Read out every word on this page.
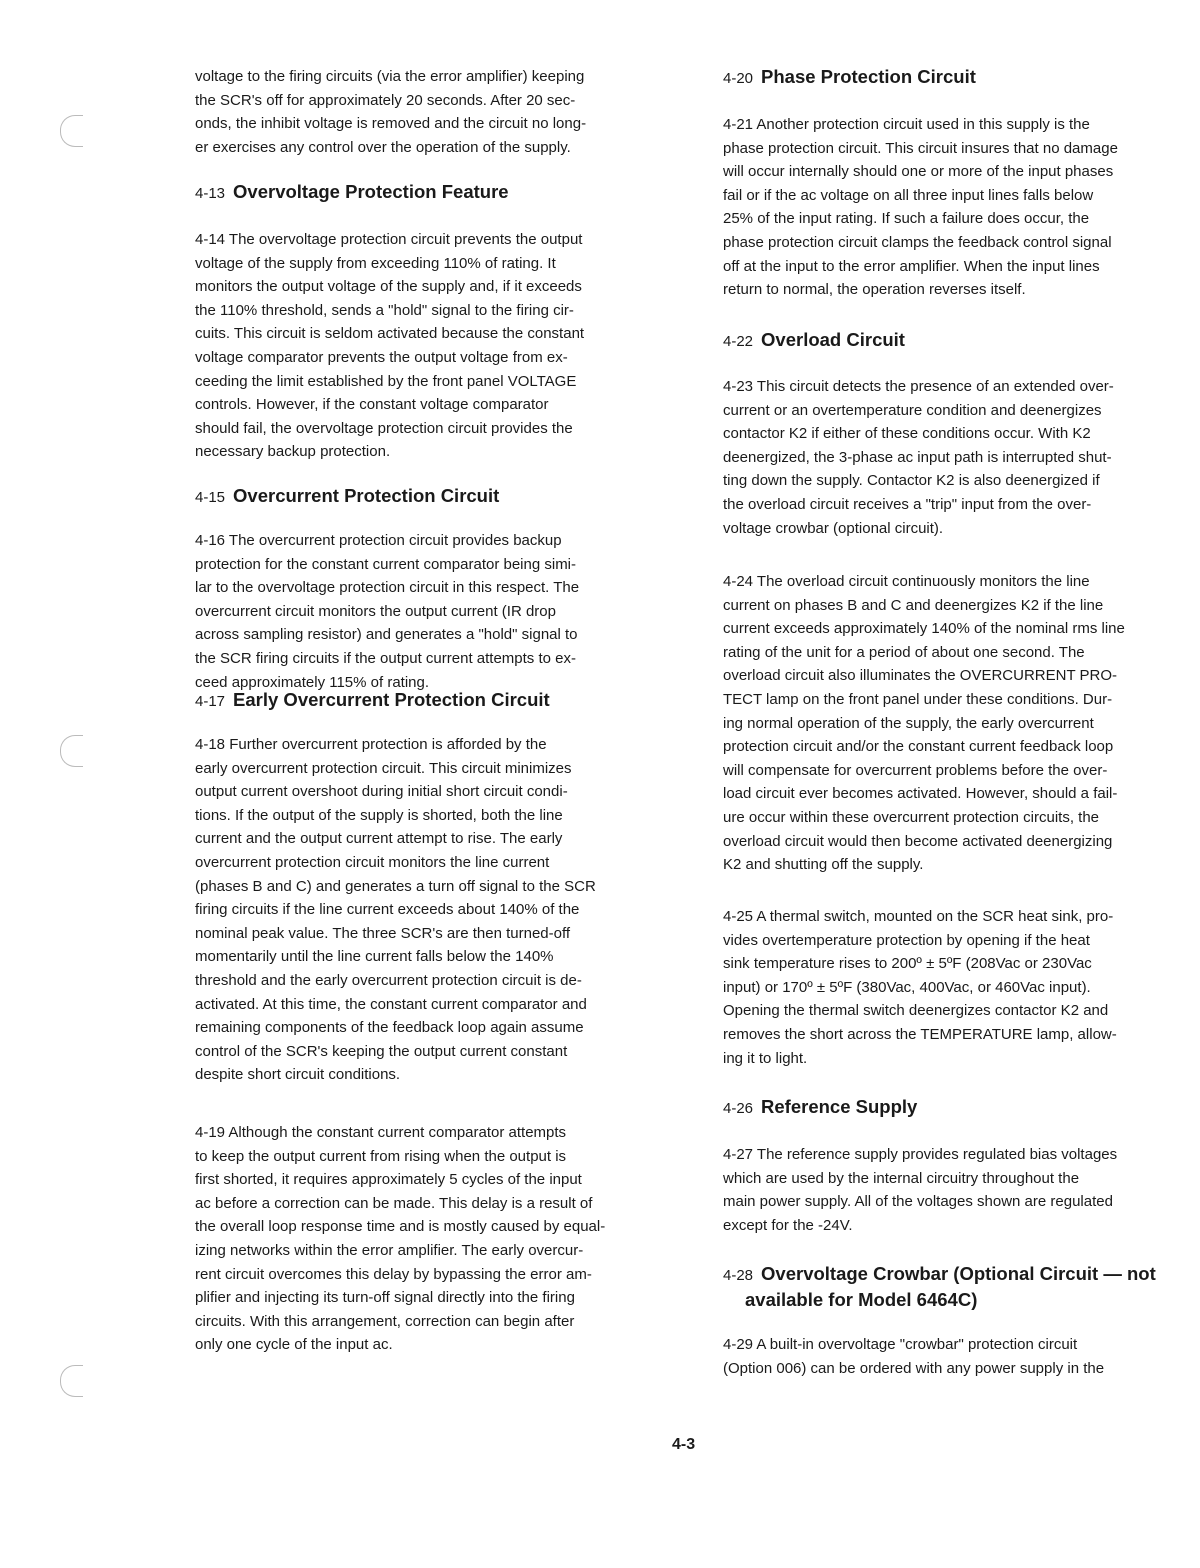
voltage to the firing circuits (via the error amplifier) keeping
the SCR's off for approximately 20 seconds. After 20 sec-
onds, the inhibit voltage is removed and the circuit no long-
er exercises any control over the operation of the supply.
4-13 Overvoltage Protection Feature
4-14 The overvoltage protection circuit prevents the output
voltage of the supply from exceeding 110% of rating. It
monitors the output voltage of the supply and, if it exceeds
the 110% threshold, sends a "hold" signal to the firing cir-
cuits. This circuit is seldom activated because the constant
voltage comparator prevents the output voltage from ex-
ceeding the limit established by the front panel VOLTAGE
controls. However, if the constant voltage comparator
should fail, the overvoltage protection circuit provides the
necessary backup protection.
4-15 Overcurrent Protection Circuit
4-16 The overcurrent protection circuit provides backup
protection for the constant current comparator being simi-
lar to the overvoltage protection circuit in this respect. The
overcurrent circuit monitors the output current (IR drop
across sampling resistor) and generates a "hold" signal to
the SCR firing circuits if the output current attempts to ex-
ceed approximately 115% of rating.
4-17 Early Overcurrent Protection Circuit
4-18 Further overcurrent protection is afforded by the
early overcurrent protection circuit. This circuit minimizes
output current overshoot during initial short circuit condi-
tions. If the output of the supply is shorted, both the line
current and the output current attempt to rise. The early
overcurrent protection circuit monitors the line current
(phases B and C) and generates a turn off signal to the SCR
firing circuits if the line current exceeds about 140% of the
nominal peak value. The three SCR's are then turned-off
momentarily until the line current falls below the 140%
threshold and the early overcurrent protection circuit is de-
activated. At this time, the constant current comparator and
remaining components of the feedback loop again assume
control of the SCR's keeping the output current constant
despite short circuit conditions.
4-19 Although the constant current comparator attempts
to keep the output current from rising when the output is
first shorted, it requires approximately 5 cycles of the input
ac before a correction can be made. This delay is a result of
the overall loop response time and is mostly caused by equal-
izing networks within the error amplifier. The early overcur-
rent circuit overcomes this delay by bypassing the error am-
plifier and injecting its turn-off signal directly into the firing
circuits. With this arrangement, correction can begin after
only one cycle of the input ac.
4-20 Phase Protection Circuit
4-21 Another protection circuit used in this supply is the
phase protection circuit. This circuit insures that no damage
will occur internally should one or more of the input phases
fail or if the ac voltage on all three input lines falls below
25% of the input rating. If such a failure does occur, the
phase protection circuit clamps the feedback control signal
off at the input to the error amplifier. When the input lines
return to normal, the operation reverses itself.
4-22 Overload Circuit
4-23 This circuit detects the presence of an extended over-
current or an overtemperature condition and deenergizes
contactor K2 if either of these conditions occur. With K2
deenergized, the 3-phase ac input path is interrupted shut-
ting down the supply. Contactor K2 is also deenergized if
the overload circuit receives a "trip" input from the over-
voltage crowbar (optional circuit).
4-24 The overload circuit continuously monitors the line
current on phases B and C and deenergizes K2 if the line
current exceeds approximately 140% of the nominal rms line
rating of the unit for a period of about one second. The
overload circuit also illuminates the OVERCURRENT PRO-
TECT lamp on the front panel under these conditions. Dur-
ing normal operation of the supply, the early overcurrent
protection circuit and/or the constant current feedback loop
will compensate for overcurrent problems before the over-
load circuit ever becomes activated. However, should a fail-
ure occur within these overcurrent protection circuits, the
overload circuit would then become activated deenergizing
K2 and shutting off the supply.
4-25 A thermal switch, mounted on the SCR heat sink, pro-
vides overtemperature protection by opening if the heat
sink temperature rises to 200º ± 5ºF (208Vac or 230Vac
input) or 170º ± 5ºF (380Vac, 400Vac, or 460Vac input).
Opening the thermal switch deenergizes contactor K2 and
removes the short across the TEMPERATURE lamp, allow-
ing it to light.
4-26 Reference Supply
4-27 The reference supply provides regulated bias voltages
which are used by the internal circuitry throughout the
main power supply. All of the voltages shown are regulated
except for the -24V.
4-28 Overvoltage Crowbar (Optional Circuit — not
available for Model 6464C)
4-29 A built-in overvoltage "crowbar" protection circuit
(Option 006) can be ordered with any power supply in the
4-3
